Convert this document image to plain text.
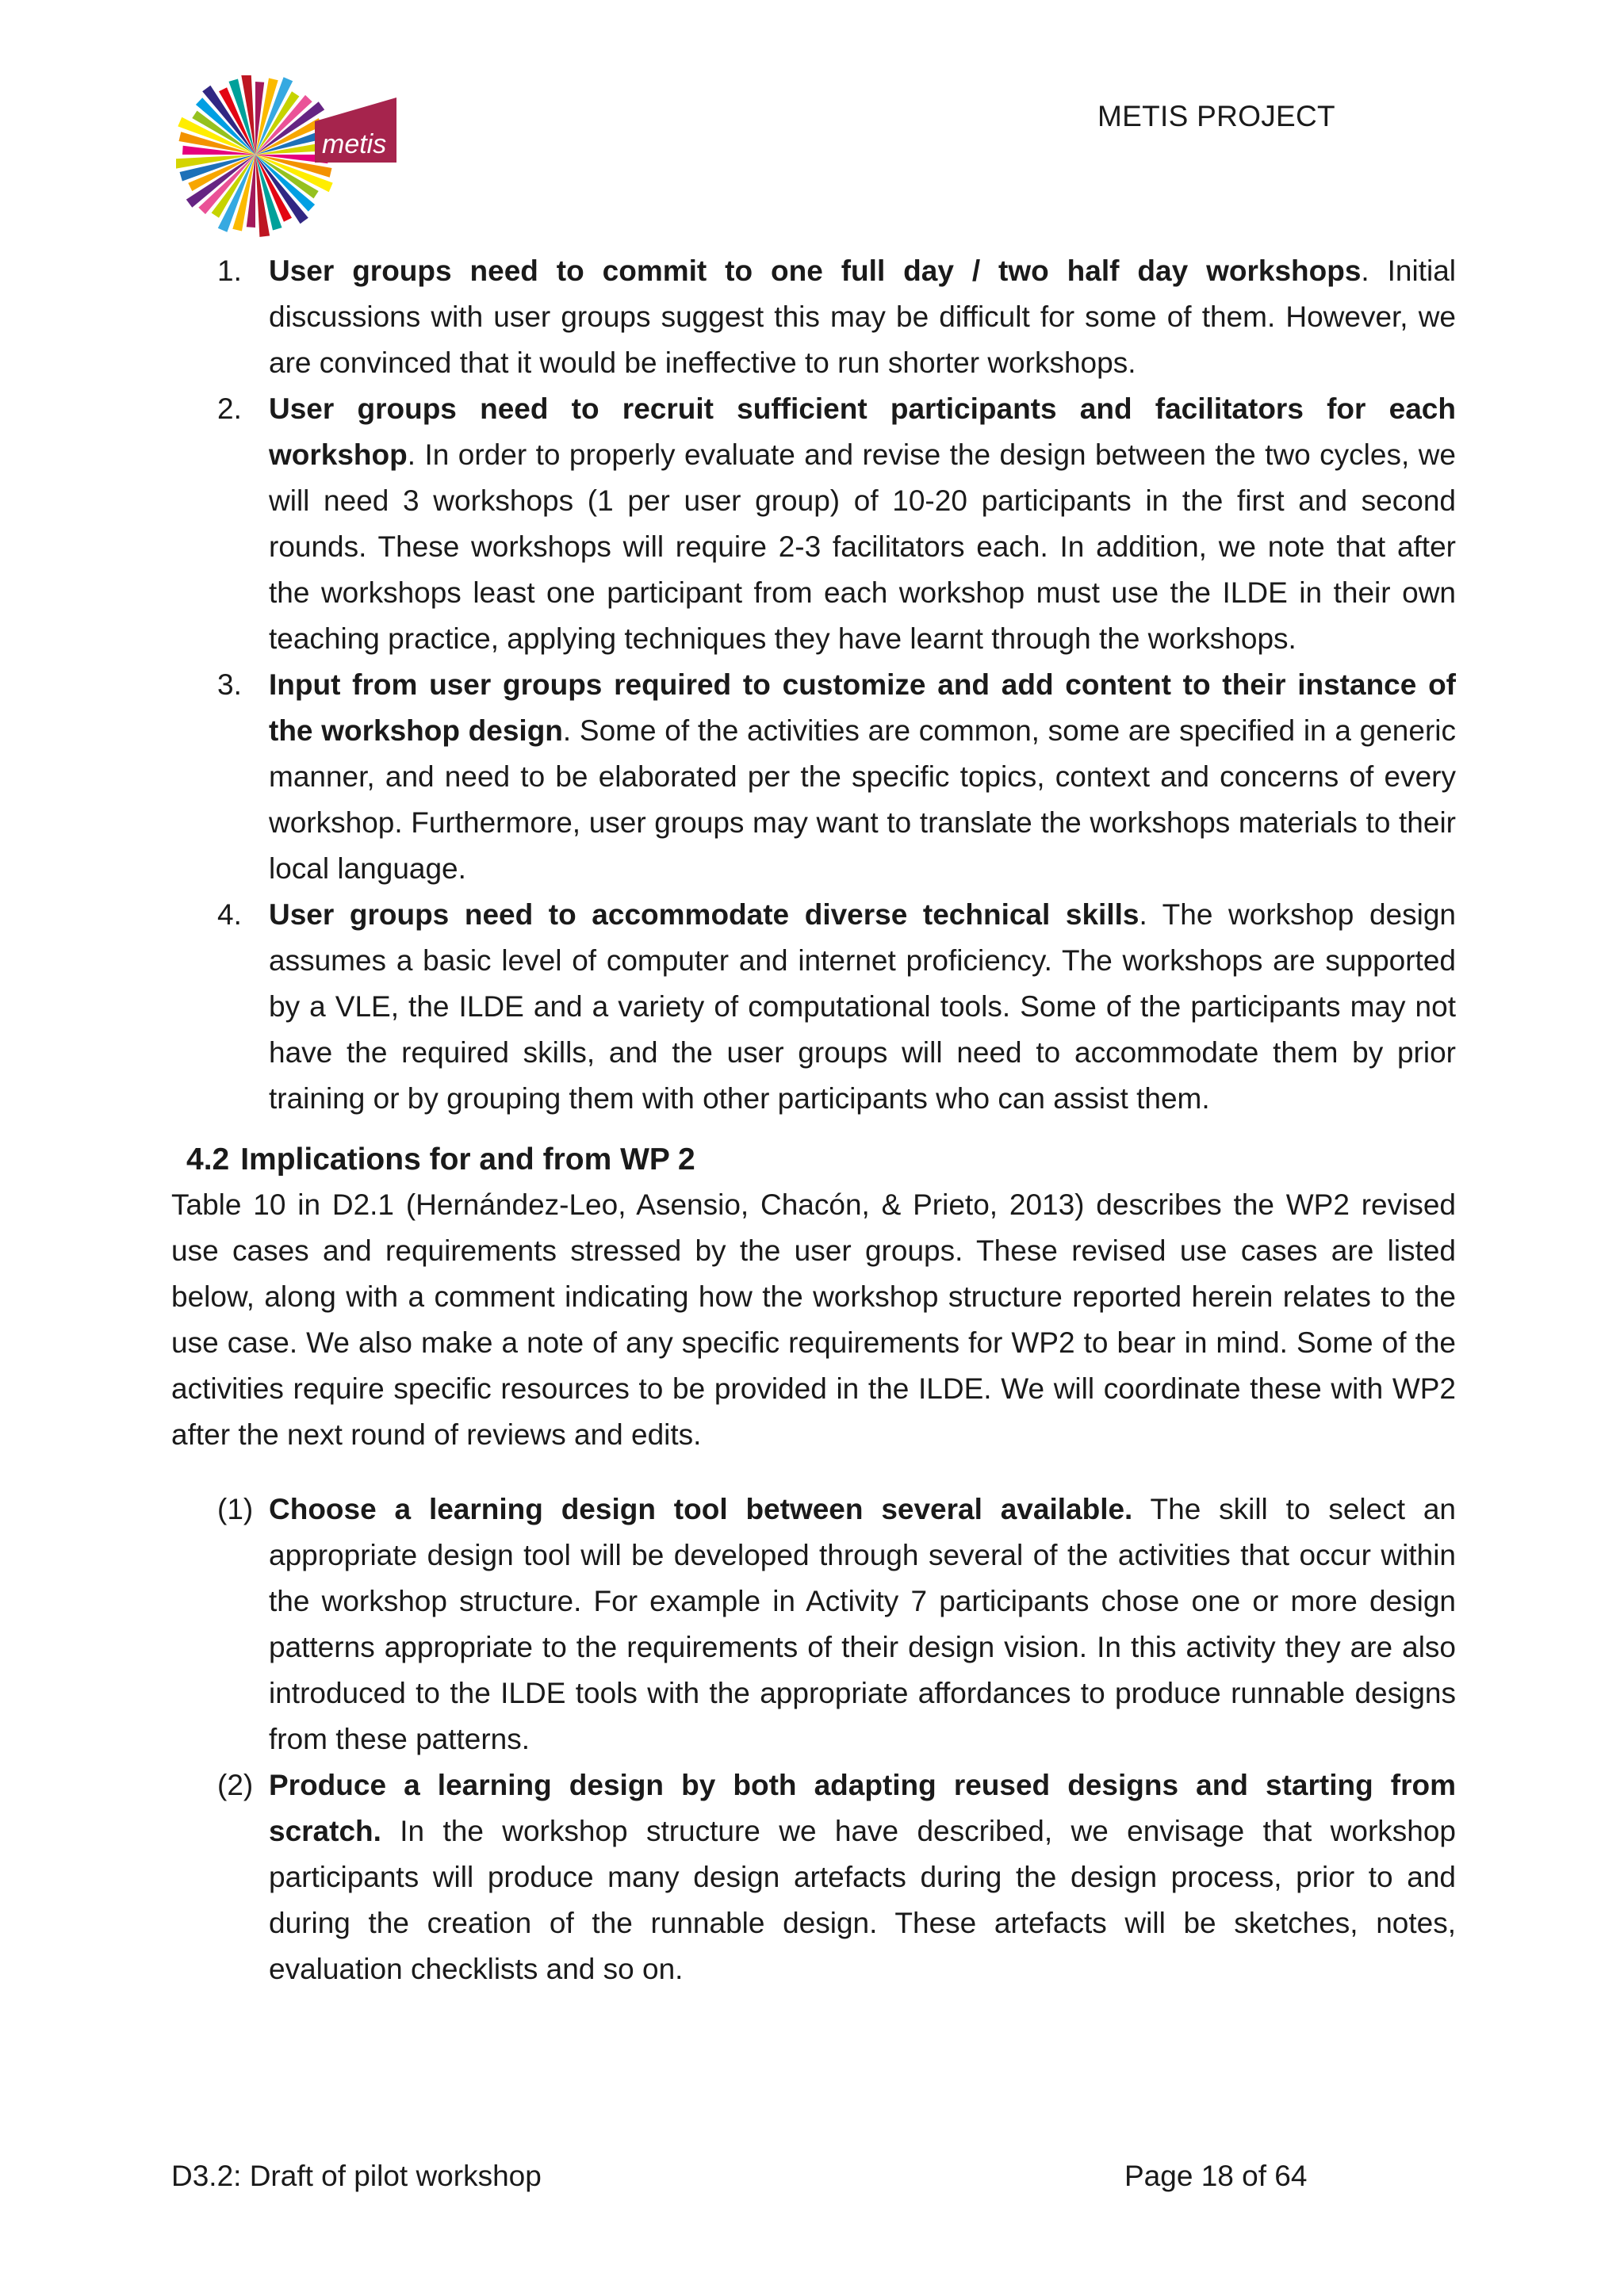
metis
METIS PROJECT
1. User groups need to commit to one full day / two half day workshops. Initial discussions with user groups suggest this may be difficult for some of them. However, we are convinced that it would be ineffective to run shorter workshops.
2. User groups need to recruit sufficient participants and facilitators for each workshop. In order to properly evaluate and revise the design between the two cycles, we will need 3 workshops (1 per user group) of 10-20 participants in the first and second rounds. These workshops will require 2-3 facilitators each. In addition, we note that after the workshops least one participant from each workshop must use the ILDE in their own teaching practice, applying techniques they have learnt through the workshops.
3. Input from user groups required to customize and add content to their instance of the workshop design. Some of the activities are common, some are specified in a generic manner, and need to be elaborated per the specific topics, context and concerns of every workshop. Furthermore, user groups may want to translate the workshops materials to their local language.
4. User groups need to accommodate diverse technical skills. The workshop design assumes a basic level of computer and internet proficiency. The workshops are supported by a VLE, the ILDE and a variety of computational tools. Some of the participants may not have the required skills, and the user groups will need to accommodate them by prior training or by grouping them with other participants who can assist them.
4.2 Implications for and from WP 2

Table 10 in D2.1 (Hernández-Leo, Asensio, Chacón, & Prieto, 2013) describes the WP2 revised use cases and requirements stressed by the user groups. These revised use cases are listed below, along with a comment indicating how the workshop structure reported herein relates to the use case. We also make a note of any specific requirements for WP2 to bear in mind. Some of the activities require specific resources to be provided in the ILDE. We will coordinate these with WP2 after the next round of reviews and edits.

(1) Choose a learning design tool between several available. The skill to select an appropriate design tool will be developed through several of the activities that occur within the workshop structure. For example in Activity 7 participants chose one or more design patterns appropriate to the requirements of their design vision. In this activity they are also introduced to the ILDE tools with the appropriate affordances to produce runnable designs from these patterns.
(2) Produce a learning design by both adapting reused designs and starting from scratch. In the workshop structure we have described, we envisage that workshop participants will produce many design artefacts during the design process, prior to and during the creation of the runnable design. These artefacts will be sketches, notes, evaluation checklists and so on.
D3.2: Draft of pilot workshop	Page 18 of 64
